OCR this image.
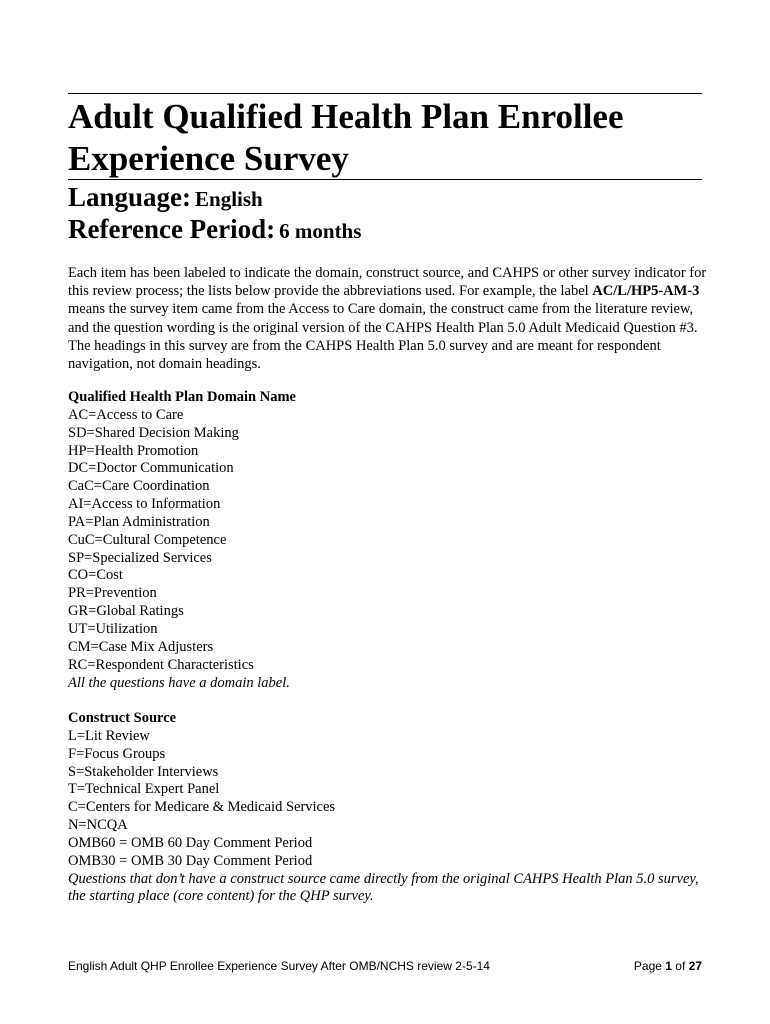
Adult Qualified Health Plan Enrollee Experience Survey

Language: English

Reference Period: 6 months

Each item has been labeled to indicate the domain, construct source, and CAHPS or other survey indicator for this review process; the lists below provide the abbreviations used. For example, the label AC/L/HP5-AM-3 means the survey item came from the Access to Care domain, the construct came from the literature review, and the question wording is the original version of the CAHPS Health Plan 5.0 Adult Medicaid Question #3. The headings in this survey are from the CAHPS Health Plan 5.0 survey and are meant for respondent navigation, not domain headings.

Qualified Health Plan Domain Name

AC=Access to Care
SD=Shared Decision Making
HP=Health Promotion
DC=Doctor Communication
CaC=Care Coordination
AI=Access to Information
PA=Plan Administration
CuC=Cultural Competence
SP=Specialized Services
CO=Cost
PR=Prevention
GR=Global Ratings
UT=Utilization
CM=Case Mix Adjusters
RC=Respondent Characteristics

All the questions have a domain label.

Construct Source

L=Lit Review
F=Focus Groups
S=Stakeholder Interviews
T=Technical Expert Panel
C=Centers for Medicare & Medicaid Services
N=NCQA
OMB60 = OMB 60 Day Comment Period
OMB30 = OMB 30 Day Comment Period

Questions that don’t have a construct source came directly from the original CAHPS Health Plan 5.0 survey, the starting place (core content) for the QHP survey.

English Adult QHP Enrollee Experience Survey After OMB/NCHS review 2-5-14	Page 1 of 27
